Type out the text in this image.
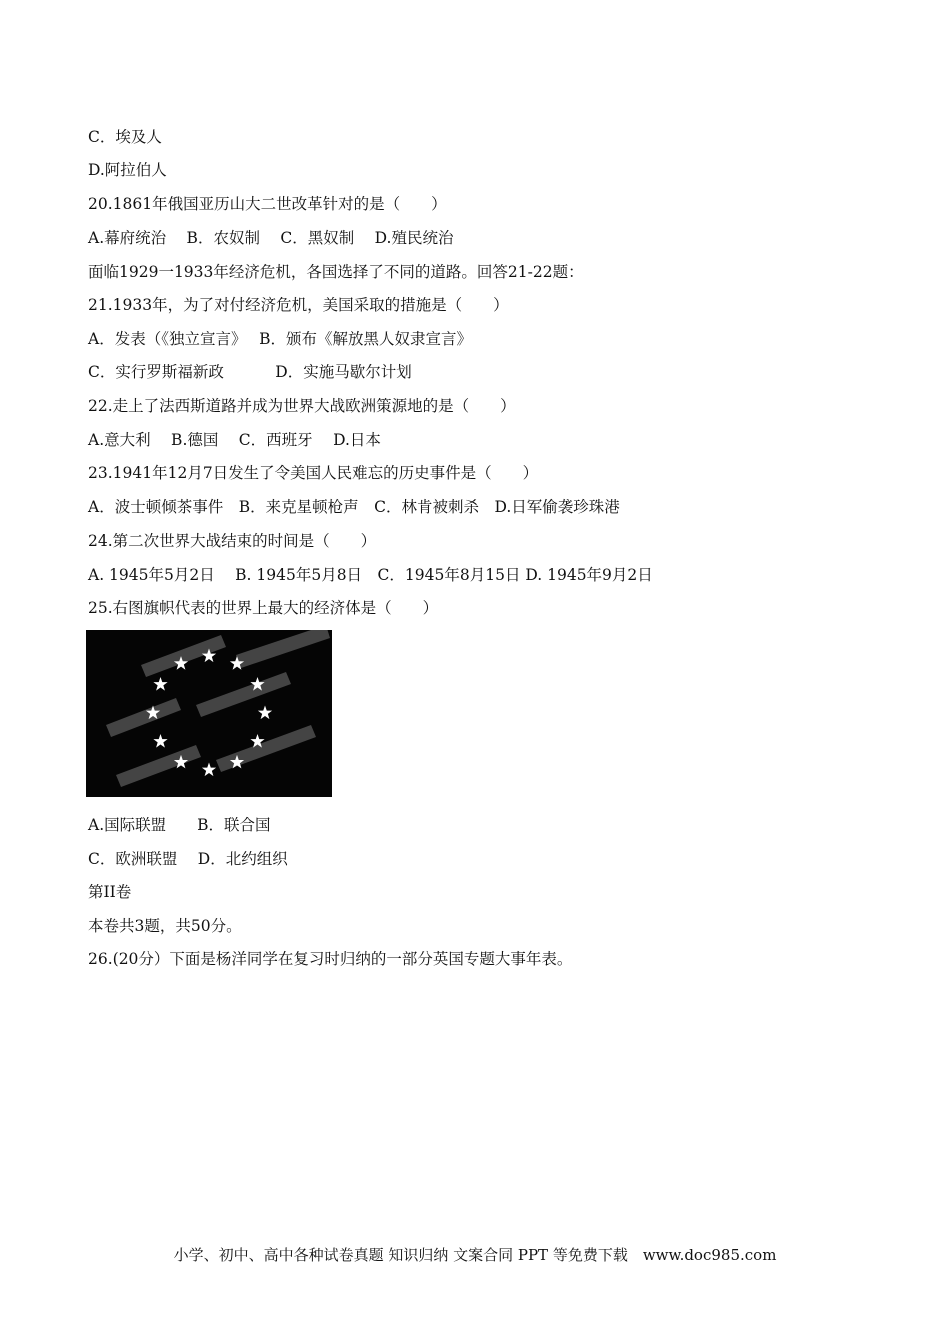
C．埃及人
D.阿拉伯人
20.1861年俄国亚历山大二世改革针对的是（　　）
A.幕府统治　 B．农奴制　 C．黑奴制　 D.殖民统治
面临1929一1933年经济危机，各国选择了不同的道路。回答21-22题：
21.1933年，为了对付经济危机，美国采取的措施是（　　）
A．发表（《独立宣言》　 B．颁布《解放黑人奴隶宣言》
C．实行罗斯福新政　　　 D．实施马歇尔计划
22.走上了法西斯道路并成为世界大战欧洲策源地的是（　　）
A.意大利　 B.德国　 C．西班牙　 D.日本
23.1941年12月7日发生了令美国人民难忘的历史事件是（　　）
A．波士顿倾茶事件　B．来克星顿枪声　C．林肯被刺杀　D.日军偷袭珍珠港
24.第二次世界大战结束的时间是（　　）
A. 1945年5月2日　 B. 1945年5月8日　C．1945年8月15日 D. 1945年9月2日
25.右图旗帜代表的世界上最大的经济体是（　　）
A.国际联盟　　B．联合国
C．欧洲联盟　 D．北约组织
第II卷
本卷共3题，共50分。
26.(20分）下面是杨洋同学在复习时归纳的一部分英国专题大事年表。
小学、初中、高中各种试卷真题 知识归纳 文案合同 PPT 等免费下载　www.doc985.com
